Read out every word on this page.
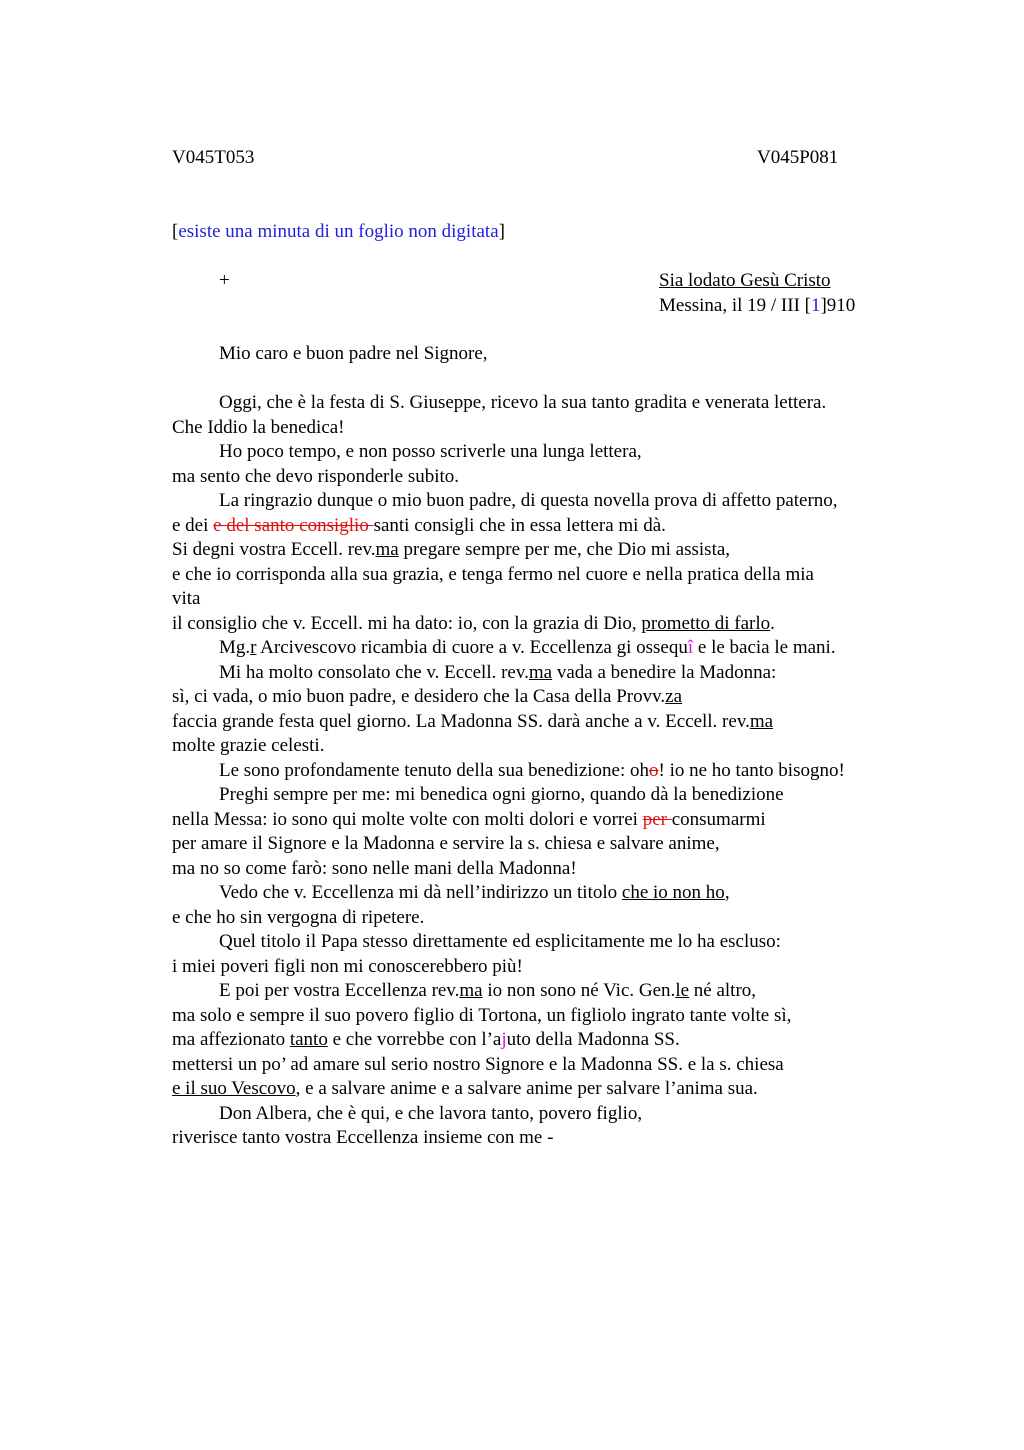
V045T053	V045P081
[esiste una minuta di un foglio non digitata]
+	Sia lodato Gesù Cristo
Messina, il 19 / III [1]910
Mio caro e buon padre nel Signore,
Oggi, che è la festa di S. Giuseppe, ricevo la sua tanto gradita e venerata lettera.
Che Iddio la benedica!
Ho poco tempo, e non posso scriverle una lunga lettera,
ma sento che devo risponderle subito.
La ringrazio dunque o mio buon padre, di questa novella prova di affetto paterno,
e dei e del santo consiglio santi consigli che in essa lettera mi dà.
Si degni vostra Eccell. rev.ma pregare sempre per me, che Dio mi assista,
e che io corrisponda alla sua grazia, e tenga fermo nel cuore e nella pratica della mia
vita
il consiglio che v. Eccell. mi ha dato: io, con la grazia di Dio, prometto di farlo.
Mg.r Arcivescovo ricambia di cuore a v. Eccellenza gi ossequî e le bacia le mani.
Mi ha molto consolato che v. Eccell. rev.ma vada a benedire la Madonna:
sì, ci vada, o mio buon padre, e desidero che la Casa della Provv.za
faccia grande festa quel giorno. La Madonna SS. darà anche a v. Eccell. rev.ma
molte grazie celesti.
Le sono profondamente tenuto della sua benedizione: oho! io ne ho tanto bisogno!
Preghi sempre per me: mi benedica ogni giorno, quando dà la benedizione
nella Messa: io sono qui molte volte con molti dolori e vorrei per consumarmi
per amare il Signore e la Madonna e servire la s. chiesa e salvare anime,
ma no so come farò: sono nelle mani della Madonna!
Vedo che v. Eccellenza mi dà nell’indirizzo un titolo che io non ho,
e che ho sin vergogna di ripetere.
Quel titolo il Papa stesso direttamente ed esplicitamente me lo ha escluso:
i miei poveri figli non mi conoscerebbero più!
E poi per vostra Eccellenza rev.ma io non sono né Vic. Gen.le né altro,
ma solo e sempre il suo povero figlio di Tortona, un figliolo ingrato tante volte sì,
ma affezionato tanto e che vorrebbe con l’ajuto della Madonna SS.
mettersi un po’ ad amare sul serio nostro Signore e la Madonna SS. e la s. chiesa
e il suo Vescovo, e a salvare anime e a salvare anime per salvare l’anima sua.
Don Albera, che è qui, e che lavora tanto, povero figlio,
riverisce tanto vostra Eccellenza insieme con me -
